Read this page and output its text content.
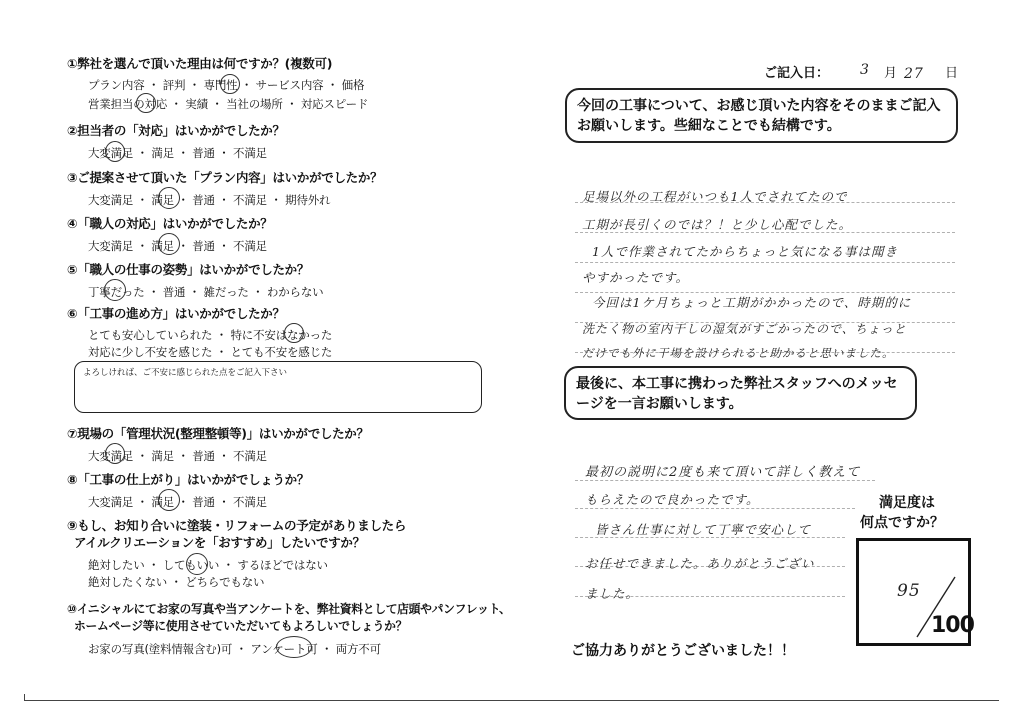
①弊社を選んで頂いた理由は何ですか？(複数可)
プラン内容 ・ 評判 ・ 専門性 ・ サービス内容 ・ 価格
営業担当の対応 ・ 実績 ・ 当社の場所 ・ 対応スピード
②担当者の「対応」はいかがでしたか？
大変満足 ・ 満足 ・ 普通 ・ 不満足
③ご提案させて頂いた「プラン内容」はいかがでしたか？
大変満足 ・ 満足 ・ 普通 ・ 不満足 ・ 期待外れ
④「職人の対応」はいかがでしたか？
大変満足 ・ 満足 ・ 普通 ・ 不満足
⑤「職人の仕事の姿勢」はいかがでしたか？
丁寧だった ・ 普通 ・ 雑だった ・ わからない
⑥「工事の進め方」はいかがでしたか？
とても安心していられた ・ 特に不安はなかった
対応に少し不安を感じた ・ とても不安を感じた
よろしければ、ご不安に感じられた点をご記入下さい
⑦現場の「管理状況(整理整頓等)」はいかがでしたか？
大変満足 ・ 満足 ・ 普通 ・ 不満足
⑧「工事の仕上がり」はいかがでしょうか？
大変満足 ・ 満足 ・ 普通 ・ 不満足
⑨もし、お知り合いに塗装・リフォームの予定がありましたら
アイルクリエーションを「おすすめ」したいですか？
絶対したい ・ してもいい ・ するほどではない
絶対したくない ・ どちらでもない
⑩イニシャルにてお家の写真や当アンケートを、弊社資料として店頭やパンフレット、
ホームページ等に使用させていただいてもよろしいでしょうか？
お家の写真(塗料情報含む)可 ・ アンケート可 ・ 両方不可
ご記入日： 3 月 27 日
今回の工事について、お感じ頂いた内容をそのままご記入お願いします。些細なことでも結構です。
足場以外の工程がいつも1人でされてたので
工期が長引くのでは？！と少し心配でした。
1人で作業されてたからちょっと気になる事は聞き
やすかったです。
今回は1ケ月ちょっと工期がかかったので、時期的に
洗たく物の室内干しの湿気がすごかったので、ちょっと
だけでも外に干場を設けられると助かると思いました。
最後に、本工事に携わった弊社スタッフへのメッセージを一言お願いします。
最初の説明に2度も来て頂いて詳しく教えて
もらえたので良かったです。
皆さん仕事に対して丁寧で安心して
お任せできました。ありがとうございました。
満足度は
何点ですか？
95
100
ご協力ありがとうございました！！
